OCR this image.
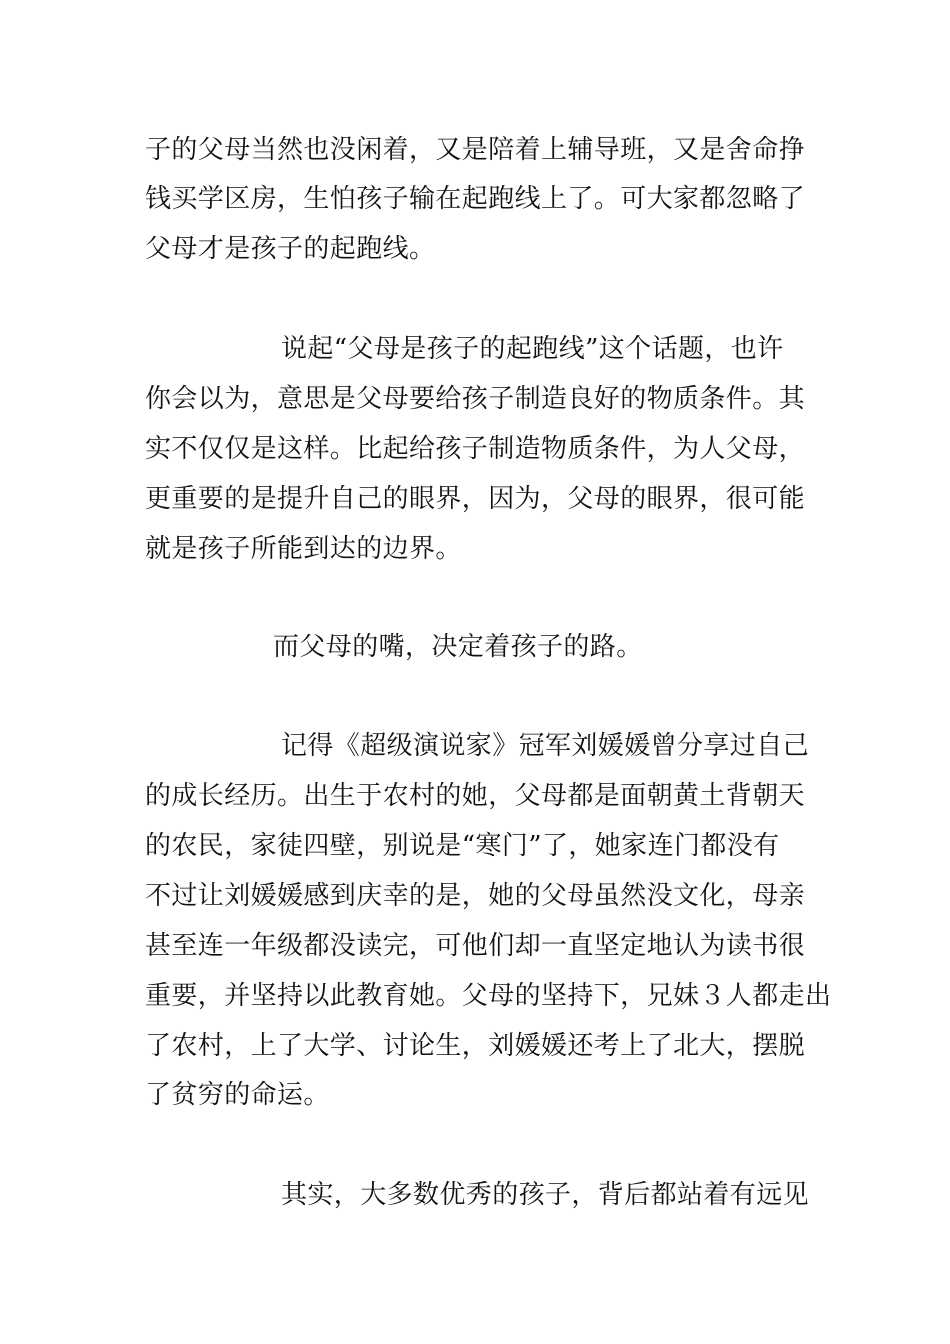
子的父母当然也没闲着，又是陪着上辅导班，又是舍命挣
钱买学区房，生怕孩子输在起跑线上了。可大家都忽略了
父母才是孩子的起跑线。
说起“父母是孩子的起跑线”这个话题，也许
你会以为，意思是父母要给孩子制造良好的物质条件。其
实不仅仅是这样。比起给孩子制造物质条件，为人父母，
更重要的是提升自己的眼界，因为，父母的眼界，很可能
就是孩子所能到达的边界。
而父母的嘴，决定着孩子的路。
记得《超级演说家》冠军刘媛媛曾分享过自己
的成长经历。出生于农村的她，父母都是面朝黄土背朝天
的农民，家徒四壁，别说是“寒门”了，她家连门都没有
不过让刘媛媛感到庆幸的是，她的父母虽然没文化，母亲
甚至连一年级都没读完，可他们却一直坚定地认为读书很
重要，并坚持以此教育她。父母的坚持下，兄妹３人都走出
了农村，上了大学、讨论生，刘媛媛还考上了北大，摆脱
了贫穷的命运。
其实，大多数优秀的孩子，背后都站着有远见
